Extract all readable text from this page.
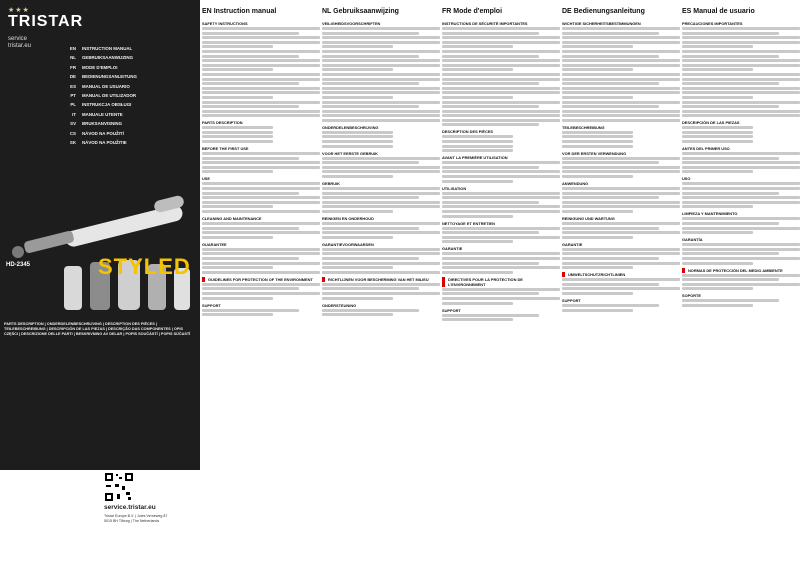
★★★
TRISTAR
service
tristar.eu	EN INSTRUCTION MANUAL
NL GEBRUIKSAANWIJZING
FR MODE D'EMPLOI
DE BEDIENUNGSANLEITUNG
ES MANUAL DE USUARIO
PT MANUAL DE UTILIZADOR
PL INSTRUKCJA OBSŁUGI
IT MANUALE UTENTE
SV BRUKSANVISNING
CS NÁVOD NA POUŽITÍ
SK NÁVOD NA POUŽITIE
HD-2345	STYLED
PARTS DESCRIPTION | ONDERDELENBESCHRIJVING | DESCRIPTION DES PIÈCES | TEILEBESCHREIBUNG | DESCRIPCIÓN DE LAS PIEZAS | DESCRIÇÃO DAS COMPONENTES | OPIS CZĘŚCI | DESCRIZIONE DELLE PARTI | BESKRIVNING AV DELAR | POPIS SOUČÁSTÍ | POPIS SÚČASTÍ
service.tristar.eu
Tristar Europe B.V. | Jules Verneweg 87
5015 BH Tilburg | The Netherlands
EN Instruction manual
SAFETY INSTRUCTIONS
PARTS DESCRIPTION
BEFORE THE FIRST USE
USE
CLEANING AND MAINTENANCE
GUARANTEE
GUIDELINES FOR PROTECTION OF THE ENVIRONMENT
SUPPORT
NL Gebruiksaanwijzing
VEILIGHEIDSVOORSCHRIFTEN
ONDERDELENBESCHRIJVING
VOOR HET EERSTE GEBRUIK
GEBRUIK
REINIGEN EN ONDERHOUD
GARANTIEVOORWAARDEN
RICHTLIJNEN VOOR BESCHERMING VAN HET MILIEU
ONDERSTEUNING
FR Mode d'emploi
INSTRUCTIONS DE SÉCURITÉ IMPORTANTES
DESCRIPTION DES PIÈCES
AVANT LA PREMIÈRE UTILISATION
UTILISATION
NETTOYAGE ET ENTRETIEN
GARANTIE
DIRECTIVES POUR LA PROTECTION DE L'ENVIRONNEMENT
SUPPORT
DE Bedienungsanleitung
WICHTIGE SICHERHEITSBESTIMMUNGEN
TEILEBESCHREIBUNG
VOR DER ERSTEN VERWENDUNG
ANWENDUNG
REINIGUNG UND WARTUNG
GARANTIE
UMWELTSCHUTZRICHTLINIEN
SUPPORT
ES Manual de usuario
PRECAUCIONES IMPORTANTES
DESCRIPCIÓN DE LAS PIEZAS
ANTES DEL PRIMER USO
USO
LIMPIEZA Y MANTENIMIENTO
GARANTÍA
NORMAS DE PROTECCIÓN DEL MEDIO AMBIENTE
SOPORTE
